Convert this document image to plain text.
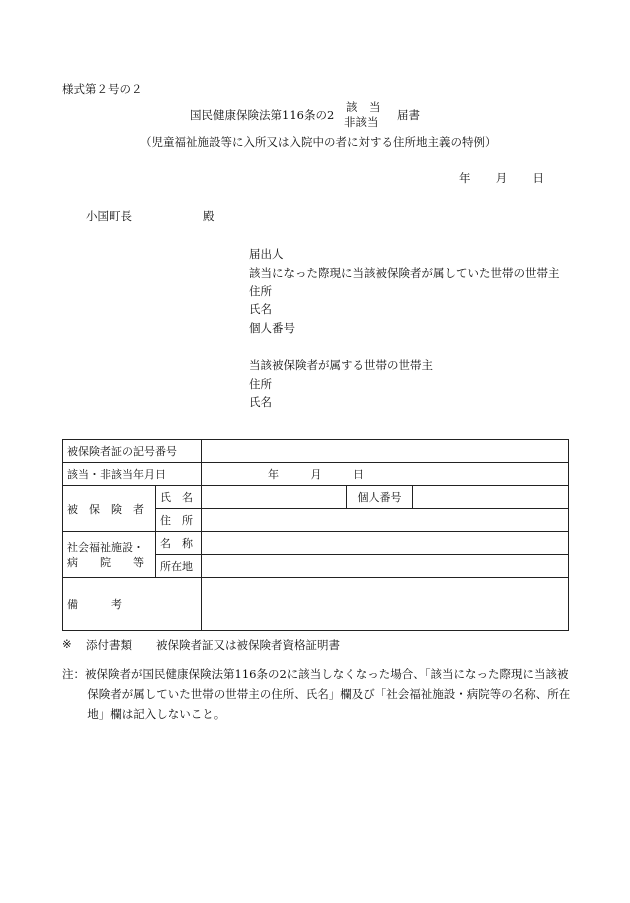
様式第２号の２
国民健康保険法第116条の2
該　当
非該当 届書
（児童福祉施設等に入所又は入院中の者に対する住所地主義の特例）
年 月 日
小国町長	殿
届出人
該当になった際現に当該被保険者が属していた世帯の世帯主
住所
氏名
個人番号
当該被保険者が属する世帯の世帯主
住所
氏名
被保険者証の記号番号				
該当・非該当年月日		年 月 日		
被　保　険　者	氏　名		個人番号	
	住　所			

社会福祉施設・
病　　院　　等	名　称			
	所在地			
備　　　考				
※ 添付書類 被保険者証又は被保険者資格証明書
注：被保険者が国民健康保険法第116条の2に該当しなくなった場合、「該当になった際現に当該被保険者が属していた世帯の世帯主の住所、氏名」欄及び「社会福祉施設・病院等の名称、所在地」欄は記入しないこと。
